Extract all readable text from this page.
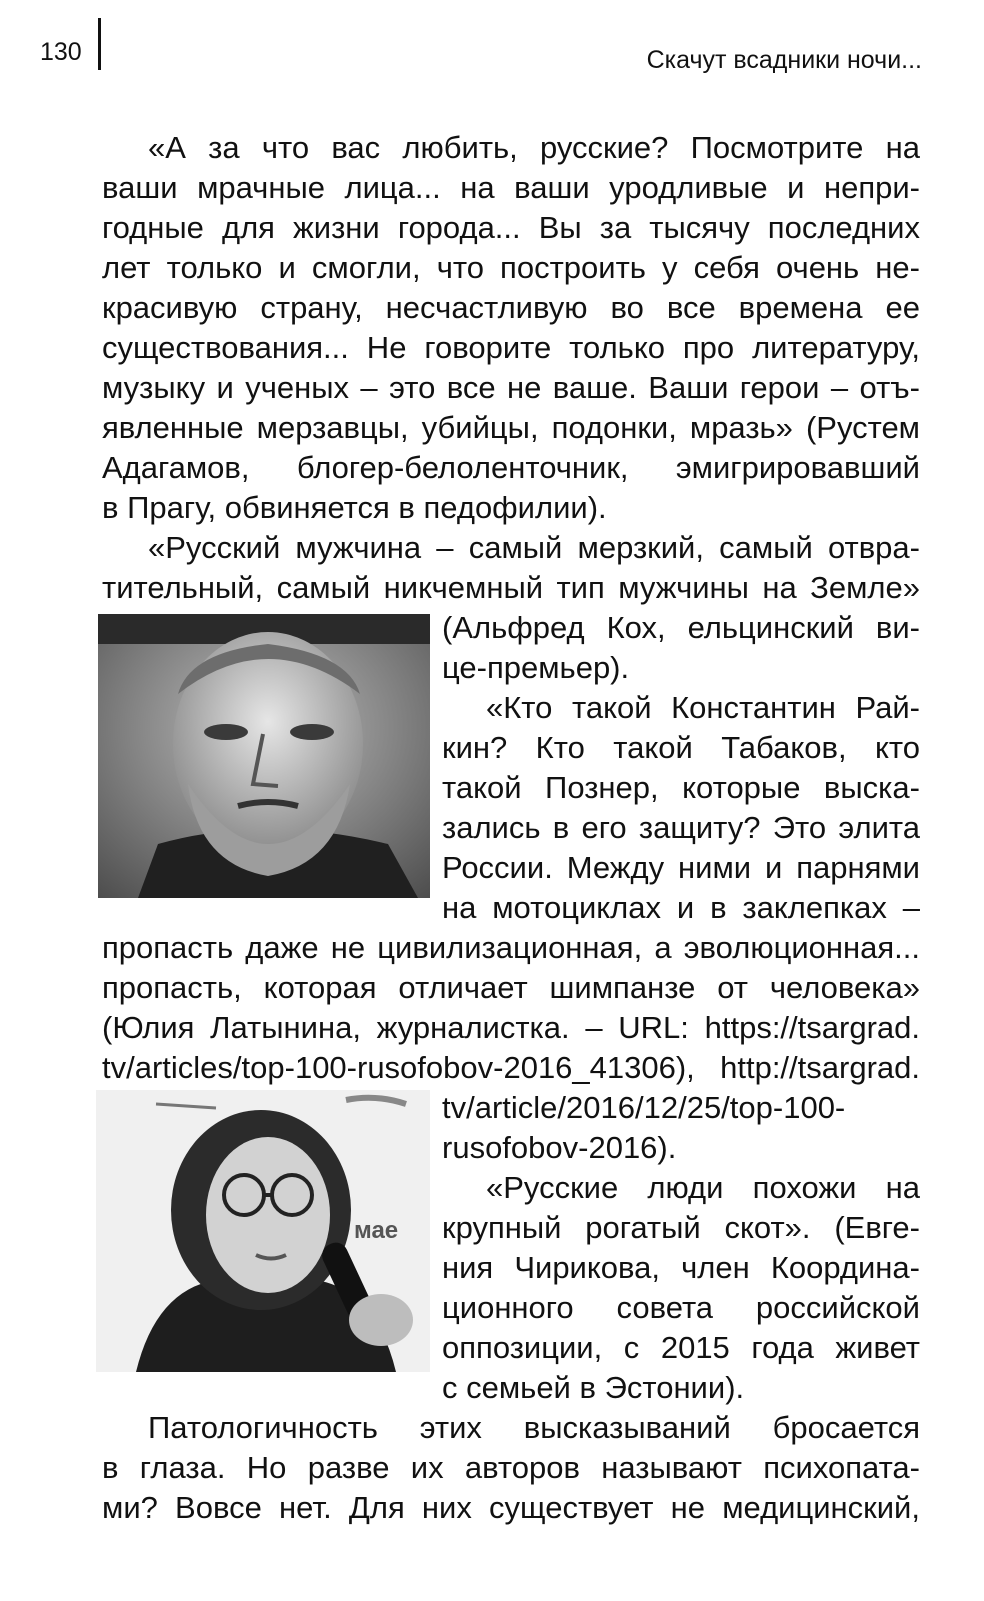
130	Скачут всадники ночи...
«А за что вас любить, русские? Посмотрите на
ваши мрачные лица... на ваши уродливые и непри-
годные для жизни города... Вы за тысячу последних
лет только и смогли, что построить у себя очень не-
красивую страну, несчастливую во все времена ее
существования... Не говорите только про литературу,
музыку и ученых – это все не ваше. Ваши герои – отъ-
явленные мерзавцы, убийцы, подонки, мразь» (Рустем
Адагамов, блогер-белоленточник, эмигрировавший
в Прагу, обвиняется в педофилии).
«Русский мужчина – самый мерзкий, самый отвра-
тительный, самый никчемный тип мужчины на Земле»
(Альфред Кох, ельцинский ви-
це-премьер).
«Кто такой Константин Рай-
кин? Кто такой Табаков, кто
такой Познер, которые выска-
зались в его защиту? Это элита
России. Между ними и парнями
на мотоциклах и в заклепках –
пропасть даже не цивилизационная, а эволюционная...
пропасть, которая отличает шимпанзе от человека»
(Юлия Латынина, журналистка. – URL: https://tsargrad.
tv/articles/top-100-rusofobov-2016_41306), http://tsargrad.
tv/article/2016/12/25/top-100-
rusofobov-2016).
«Русские люди похожи на
крупный рогатый скот». (Евге-
ния Чирикова, член Координа-
ционного совета российской
оппозиции, с 2015 года живет
с семьей в Эстонии).
Патологичность этих высказываний бросается
в глаза. Но разве их авторов называют психопата-
ми? Вовсе нет. Для них существует не медицинский,
мае
